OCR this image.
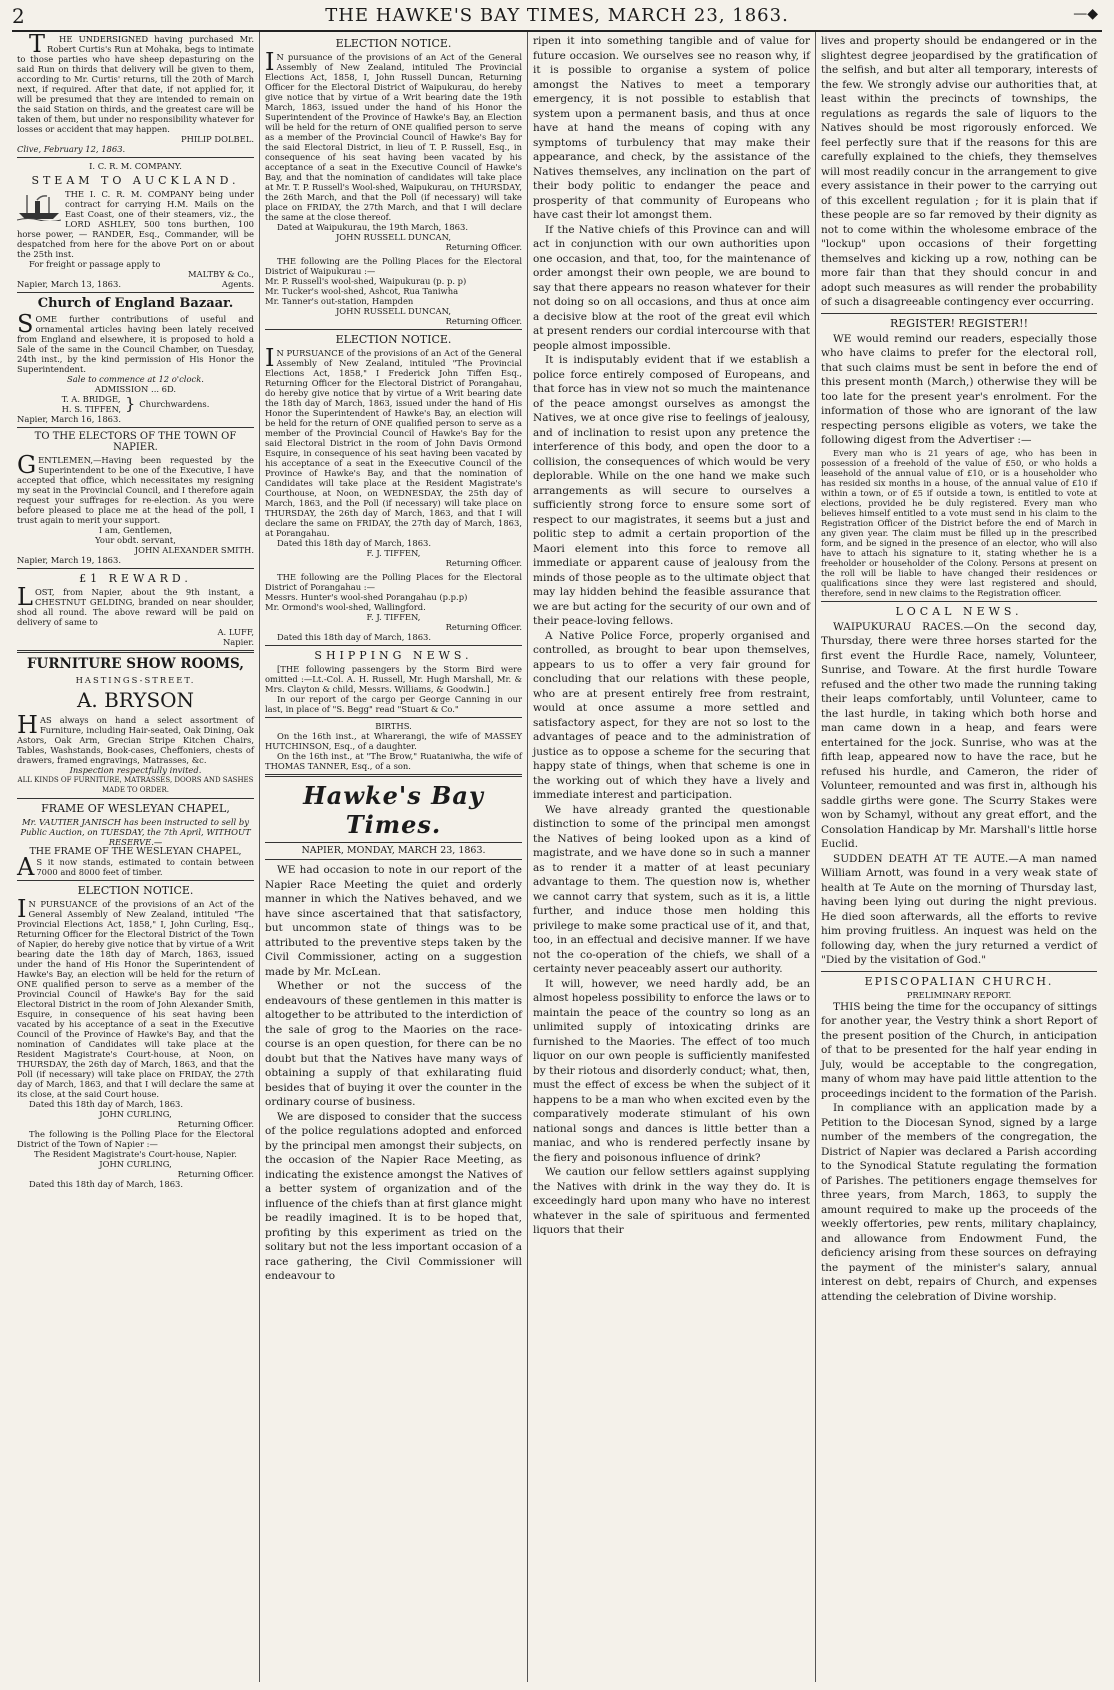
2	THE HAWKE'S BAY TIMES, MARCH 23, 1863.	—◆

THE UNDERSIGNED having purchased Mr. Robert Curtis's Run at Mohaka, begs to intimate to those parties who have sheep depasturing on the said Run on thirds that delivery will be given to them, according to Mr. Curtis' returns, till the 20th of March next, if required. After that date, if not applied for, it will be presumed that they are intended to remain on the said Station on thirds, and the greatest care will be taken of them, but under no responsibility whatever for losses or accident that may happen.

PHILIP DOLBEL.

Clive, February 12, 1863.

I. C. R. M. COMPANY.

STEAM TO AUCKLAND.

THE I. C. R. M. COMPANY being under contract for carrying H.M. Mails on the East Coast, one of their steamers, viz., the LORD ASHLEY, 500 tons burthen, 100 horse power, — RANDER, Esq., Commander, will be despatched from here for the above Port on or about the 25th inst.

For freight or passage apply to

MALTBY & Co.,

Napier, March 13, 1863.	Agents.

Church of England Bazaar.

SOME further contributions of useful and ornamental articles having been lately received from England and elsewhere, it is proposed to hold a Sale of the same in the Council Chamber, on Tuesday, 24th inst., by the kind permission of His Honor the Superintendent.

Sale to commence at 12 o'clock.

ADMISSION ... 6D.

T. A. BRIDGE,
H. S. TIFFEN, } Churchwardens.

Napier, March 16, 1863.

TO THE ELECTORS OF THE TOWN OF NAPIER.

GENTLEMEN,—Having been requested by the Superintendent to be one of the Executive, I have accepted that office, which necessitates my resigning my seat in the Provincial Council, and I therefore again request your suffrages for re-election. As you were before pleased to place me at the head of the poll, I trust again to merit your support.

I am, Gentlemen,

Your obdt. servant,

JOHN ALEXANDER SMITH.

Napier, March 19, 1863.

£1 REWARD.

LOST, from Napier, about the 9th instant, a CHESTNUT GELDING, branded on near shoulder, shod all round. The above reward will be paid on delivery of same to

A. LUFF,

Napier.

FURNITURE SHOW ROOMS,

HASTINGS-STREET.

A. BRYSON

HAS always on hand a select assortment of Furniture, including Hair-seated, Oak Dining, Oak Astors, Oak Arm, Grecian Stripe Kitchen Chairs, Tables, Washstands, Book-cases, Cheffoniers, chests of drawers, framed engravings, Matrasses, &c.

Inspection respectfully invited.

ALL KINDS OF FURNITURE, MATRASSES, DOORS AND SASHES MADE TO ORDER.

FRAME OF WESLEYAN CHAPEL,

Mr. VAUTIER JANISCH has been instructed to sell by Public Auction, on TUESDAY, the 7th April, WITHOUT RESERVE.—

THE FRAME OF THE WESLEYAN CHAPEL,

AS it now stands, estimated to contain between 7000 and 8000 feet of timber.

ELECTION NOTICE.

IN PURSUANCE of the provisions of an Act of the General Assembly of New Zealand, intituled "The Provincial Elections Act, 1858," I, John Curling, Esq., Returning Officer for the Electoral District of the Town of Napier, do hereby give notice that by virtue of a Writ bearing date the 18th day of March, 1863, issued under the hand of His Honor the Superintendent of Hawke's Bay, an election will be held for the return of ONE qualified person to serve as a member of the Provincial Council of Hawke's Bay for the said Electoral District in the room of John Alexander Smith, Esquire, in consequence of his seat having been vacated by his acceptance of a seat in the Executive Council of the Province of Hawke's Bay, and that the nomination of Candidates will take place at the Resident Magistrate's Court-house, at Noon, on THURSDAY, the 26th day of March, 1863, and that the Poll (if necessary) will take place on FRIDAY, the 27th day of March, 1863, and that I will declare the same at its close, at the said Court house.

Dated this 18th day of March, 1863.

JOHN CURLING,

Returning Officer.

The following is the Polling Place for the Electoral District of the Town of Napier :—

The Resident Magistrate's Court-house, Napier.

JOHN CURLING,

Returning Officer.

Dated this 18th day of March, 1863.

ELECTION NOTICE.

IN pursuance of the provisions of an Act of the General Assembly of New Zealand, intituled The Provincial Elections Act, 1858, I, John Russell Duncan, Returning Officer for the Electoral District of Waipukurau, do hereby give notice that by virtue of a Writ bearing date the 19th March, 1863, issued under the hand of his Honor the Superintendent of the Province of Hawke's Bay, an Election will be held for the return of ONE qualified person to serve as a member of the Provincial Council of Hawke's Bay for the said Electoral District, in lieu of T. P. Russell, Esq., in consequence of his seat having been vacated by his acceptance of a seat in the Executive Council of Hawke's Bay, and that the nomination of candidates will take place at Mr. T. P. Russell's Wool-shed, Waipukurau, on THURSDAY, the 26th March, and that the Poll (if necessary) will take place on FRIDAY, the 27th March, and that I will declare the same at the close thereof.

Dated at Waipukurau, the 19th March, 1863.

JOHN RUSSELL DUNCAN,

Returning Officer.

THE following are the Polling Places for the Electoral District of Waipukurau :—

Mr. P. Russell's wool-shed, Waipukurau (p. p. p)

Mr. Tucker's wool-shed, Ashcot, Rua Taniwha

Mr. Tanner's out-station, Hampden

JOHN RUSSELL DUNCAN,

Returning Officer.

ELECTION NOTICE.

IN PURSUANCE of the provisions of an Act of the General Assembly of New Zealand, intituled "The Provincial Elections Act, 1858," I Frederick John Tiffen Esq., Returning Officer for the Electoral District of Porangahau, do hereby give notice that by virtue of a Writ bearing date the 18th day of March, 1863, issued under the hand of His Honor the Superintendent of Hawke's Bay, an election will be held for the return of ONE qualified person to serve as a member of the Provincial Council of Hawke's Bay for the said Electoral District in the room of John Davis Ormond Esquire, in consequence of his seat having been vacated by his acceptance of a seat in the Exeecutive Council of the Province of Hawke's Bay, and that the nomination of Candidates will take place at the Resident Magistrate's Courthouse, at Noon, on WEDNESDAY, the 25th day of March, 1863, and the Poll (if necessary) will take place on THURSDAY, the 26th day of March, 1863, and that I will declare the same on FRIDAY, the 27th day of March, 1863, at Porangahau.

Dated this 18th day of March, 1863.

F. J. TIFFEN,

Returning Officer.

THE following are the Polling Places for the Electoral District of Porangahau :—

Messrs. Hunter's wool-shed Porangahau (p.p.p)

Mr. Ormond's wool-shed, Wallingford.

F. J. TIFFEN,

Returning Officer.

Dated this 18th day of March, 1863.

SHIPPING NEWS.

[THE following passengers by the Storm Bird were omitted :—Lt.-Col. A. H. Russell, Mr. Hugh Marshall, Mr. & Mrs. Clayton & child, Messrs. Williams, & Goodwin.]

In our report of the cargo per George Canning in our last, in place of "S. Begg" read "Stuart & Co."

BIRTHS.

On the 16th inst., at Wharerangi, the wife of MASSEY HUTCHINSON, Esq., of a daughter.

On the 16th inst., at "The Brow," Ruataniwha, the wife of THOMAS TANNER, Esq., of a son.

Hawke's Bay Times.

NAPIER, MONDAY, MARCH 23, 1863.

WE had occasion to note in our report of the Napier Race Meeting the quiet and orderly manner in which the Natives behaved, and we have since ascertained that that satisfactory, but uncommon state of things was to be attributed to the preventive steps taken by the Civil Commissioner, acting on a suggestion made by Mr. McLean.

Whether or not the success of the endeavours of these gentlemen in this matter is altogether to be attributed to the interdiction of the sale of grog to the Maories on the race-course is an open question, for there can be no doubt but that the Natives have many ways of obtaining a supply of that exhilarating fluid besides that of buying it over the counter in the ordinary course of business.

We are disposed to consider that the success of the police regulations adopted and enforced by the principal men amongst their subjects, on the occasion of the Napier Race Meeting, as indicating the existence amongst the Natives of a better system of organization and of the influence of the chiefs than at first glance might be readily imagined. It is to be hoped that, profiting by this experiment as tried on the solitary but not the less important occasion of a race gathering, the Civil Commissioner will endeavour to

ripen it into something tangible and of value for future occasion. We ourselves see no reason why, if it is possible to organise a system of police amongst the Natives to meet a temporary emergency, it is not possible to establish that system upon a permanent basis, and thus at once have at hand the means of coping with any symptoms of turbulency that may make their appearance, and check, by the assistance of the Natives themselves, any inclination on the part of their body politic to endanger the peace and prosperity of that community of Europeans who have cast their lot amongst them.

If the Native chiefs of this Province can and will act in conjunction with our own authorities upon one occasion, and that, too, for the maintenance of order amongst their own people, we are bound to say that there appears no reason whatever for their not doing so on all occasions, and thus at once aim a decisive blow at the root of the great evil which at present renders our cordial intercourse with that people almost impossible.

It is indisputably evident that if we establish a police force entirely composed of Europeans, and that force has in view not so much the maintenance of the peace amongst ourselves as amongst the Natives, we at once give rise to feelings of jealousy, and of inclination to resist upon any pretence the interference of this body, and open the door to a collision, the consequences of which would be very deplorable. While on the one hand we make such arrangements as will secure to ourselves a sufficiently strong force to ensure some sort of respect to our magistrates, it seems but a just and politic step to admit a certain proportion of the Maori element into this force to remove all immediate or apparent cause of jealousy from the minds of those people as to the ultimate object that may lay hidden behind the feasible assurance that we are but acting for the security of our own and of their peace-loving fellows.

A Native Police Force, properly organised and controlled, as brought to bear upon themselves, appears to us to offer a very fair ground for concluding that our relations with these people, who are at present entirely free from restraint, would at once assume a more settled and satisfactory aspect, for they are not so lost to the advantages of peace and to the administration of justice as to oppose a scheme for the securing that happy state of things, when that scheme is one in the working out of which they have a lively and immediate interest and participation.

We have already granted the questionable distinction to some of the principal men amongst the Natives of being looked upon as a kind of magistrate, and we have done so in such a manner as to render it a matter of at least pecuniary advantage to them. The question now is, whether we cannot carry that system, such as it is, a little further, and induce those men holding this privilege to make some practical use of it, and that, too, in an effectual and decisive manner. If we have not the co-operation of the chiefs, we shall of a certainty never peaceably assert our authority.

It will, however, we need hardly add, be an almost hopeless possibility to enforce the laws or to maintain the peace of the country so long as an unlimited supply of intoxicating drinks are furnished to the Maories. The effect of too much liquor on our own people is sufficiently manifested by their riotous and disorderly conduct; what, then, must the effect of excess be when the subject of it happens to be a man who when excited even by the comparatively moderate stimulant of his own national songs and dances is little better than a maniac, and who is rendered perfectly insane by the fiery and poisonous influence of drink?

We caution our fellow settlers against supplying the Natives with drink in the way they do. It is exceedingly hard upon many who have no interest whatever in the sale of spirituous and fermented liquors that their

lives and property should be endangered or in the slightest degree jeopardised by the gratification of the selfish, and but alter all temporary, interests of the few. We strongly advise our authorities that, at least within the precincts of townships, the regulations as regards the sale of liquors to the Natives should be most rigorously enforced. We feel perfectly sure that if the reasons for this are carefully explained to the chiefs, they themselves will most readily concur in the arrangement to give every assistance in their power to the carrying out of this excellent regulation ; for it is plain that if these people are so far removed by their dignity as not to come within the wholesome embrace of the "lockup" upon occasions of their forgetting themselves and kicking up a row, nothing can be more fair than that they should concur in and adopt such measures as will render the probability of such a disagreeable contingency ever occurring.

REGISTER! REGISTER!!

WE would remind our readers, especially those who have claims to prefer for the electoral roll, that such claims must be sent in before the end of this present month (March,) otherwise they will be too late for the present year's enrolment. For the information of those who are ignorant of the law respecting persons eligible as voters, we take the following digest from the Advertiser :—

Every man who is 21 years of age, who has been in possession of a freehold of the value of £50, or who holds a leasehold of the annual value of £10, or is a householder who has resided six months in a house, of the annual value of £10 if within a town, or of £5 if outside a town, is entitled to vote at elections, provided he be duly registered. Every man who believes himself entitled to a vote must send in his claim to the Registration Officer of the District before the end of March in any given year. The claim must be filled up in the prescribed form, and be signed in the presence of an elector, who will also have to attach his signature to it, stating whether he is a freeholder or householder of the Colony. Persons at present on the roll will be liable to have changed their residences or qualifications since they were last registered and should, therefore, send in new claims to the Registration officer.

LOCAL NEWS.

WAIPUKURAU RACES.—On the second day, Thursday, there were three horses started for the first event the Hurdle Race, namely, Volunteer, Sunrise, and Toware. At the first hurdle Toware refused and the other two made the running taking their leaps comfortably, until Volunteer, came to the last hurdle, in taking which both horse and man came down in a heap, and fears were entertained for the jock. Sunrise, who was at the fifth leap, appeared now to have the race, but he refused his hurdle, and Cameron, the rider of Volunteer, remounted and was first in, although his saddle girths were gone. The Scurry Stakes were won by Schamyl, without any great effort, and the Consolation Handicap by Mr. Marshall's little horse Euclid.

SUDDEN DEATH AT TE AUTE.—A man named William Arnott, was found in a very weak state of health at Te Aute on the morning of Thursday last, having been lying out during the night previous. He died soon afterwards, all the efforts to revive him proving fruitless. An inquest was held on the following day, when the jury returned a verdict of "Died by the visitation of God."

EPISCOPALIAN CHURCH.

PRELIMINARY REPORT.

THIS being the time for the occupancy of sittings for another year, the Vestry think a short Report of the present position of the Church, in anticipation of that to be presented for the half year ending in July, would be acceptable to the congregation, many of whom may have paid little attention to the proceedings incident to the formation of the Parish.

In compliance with an application made by a Petition to the Diocesan Synod, signed by a large number of the members of the congregation, the District of Napier was declared a Parish according to the Synodical Statute regulating the formation of Parishes. The petitioners engage themselves for three years, from March, 1863, to supply the amount required to make up the proceeds of the weekly offertories, pew rents, military chaplaincy, and allowance from Endowment Fund, the deficiency arising from these sources on defraying the payment of the minister's salary, annual interest on debt, repairs of Church, and expenses attending the celebration of Divine worship.
